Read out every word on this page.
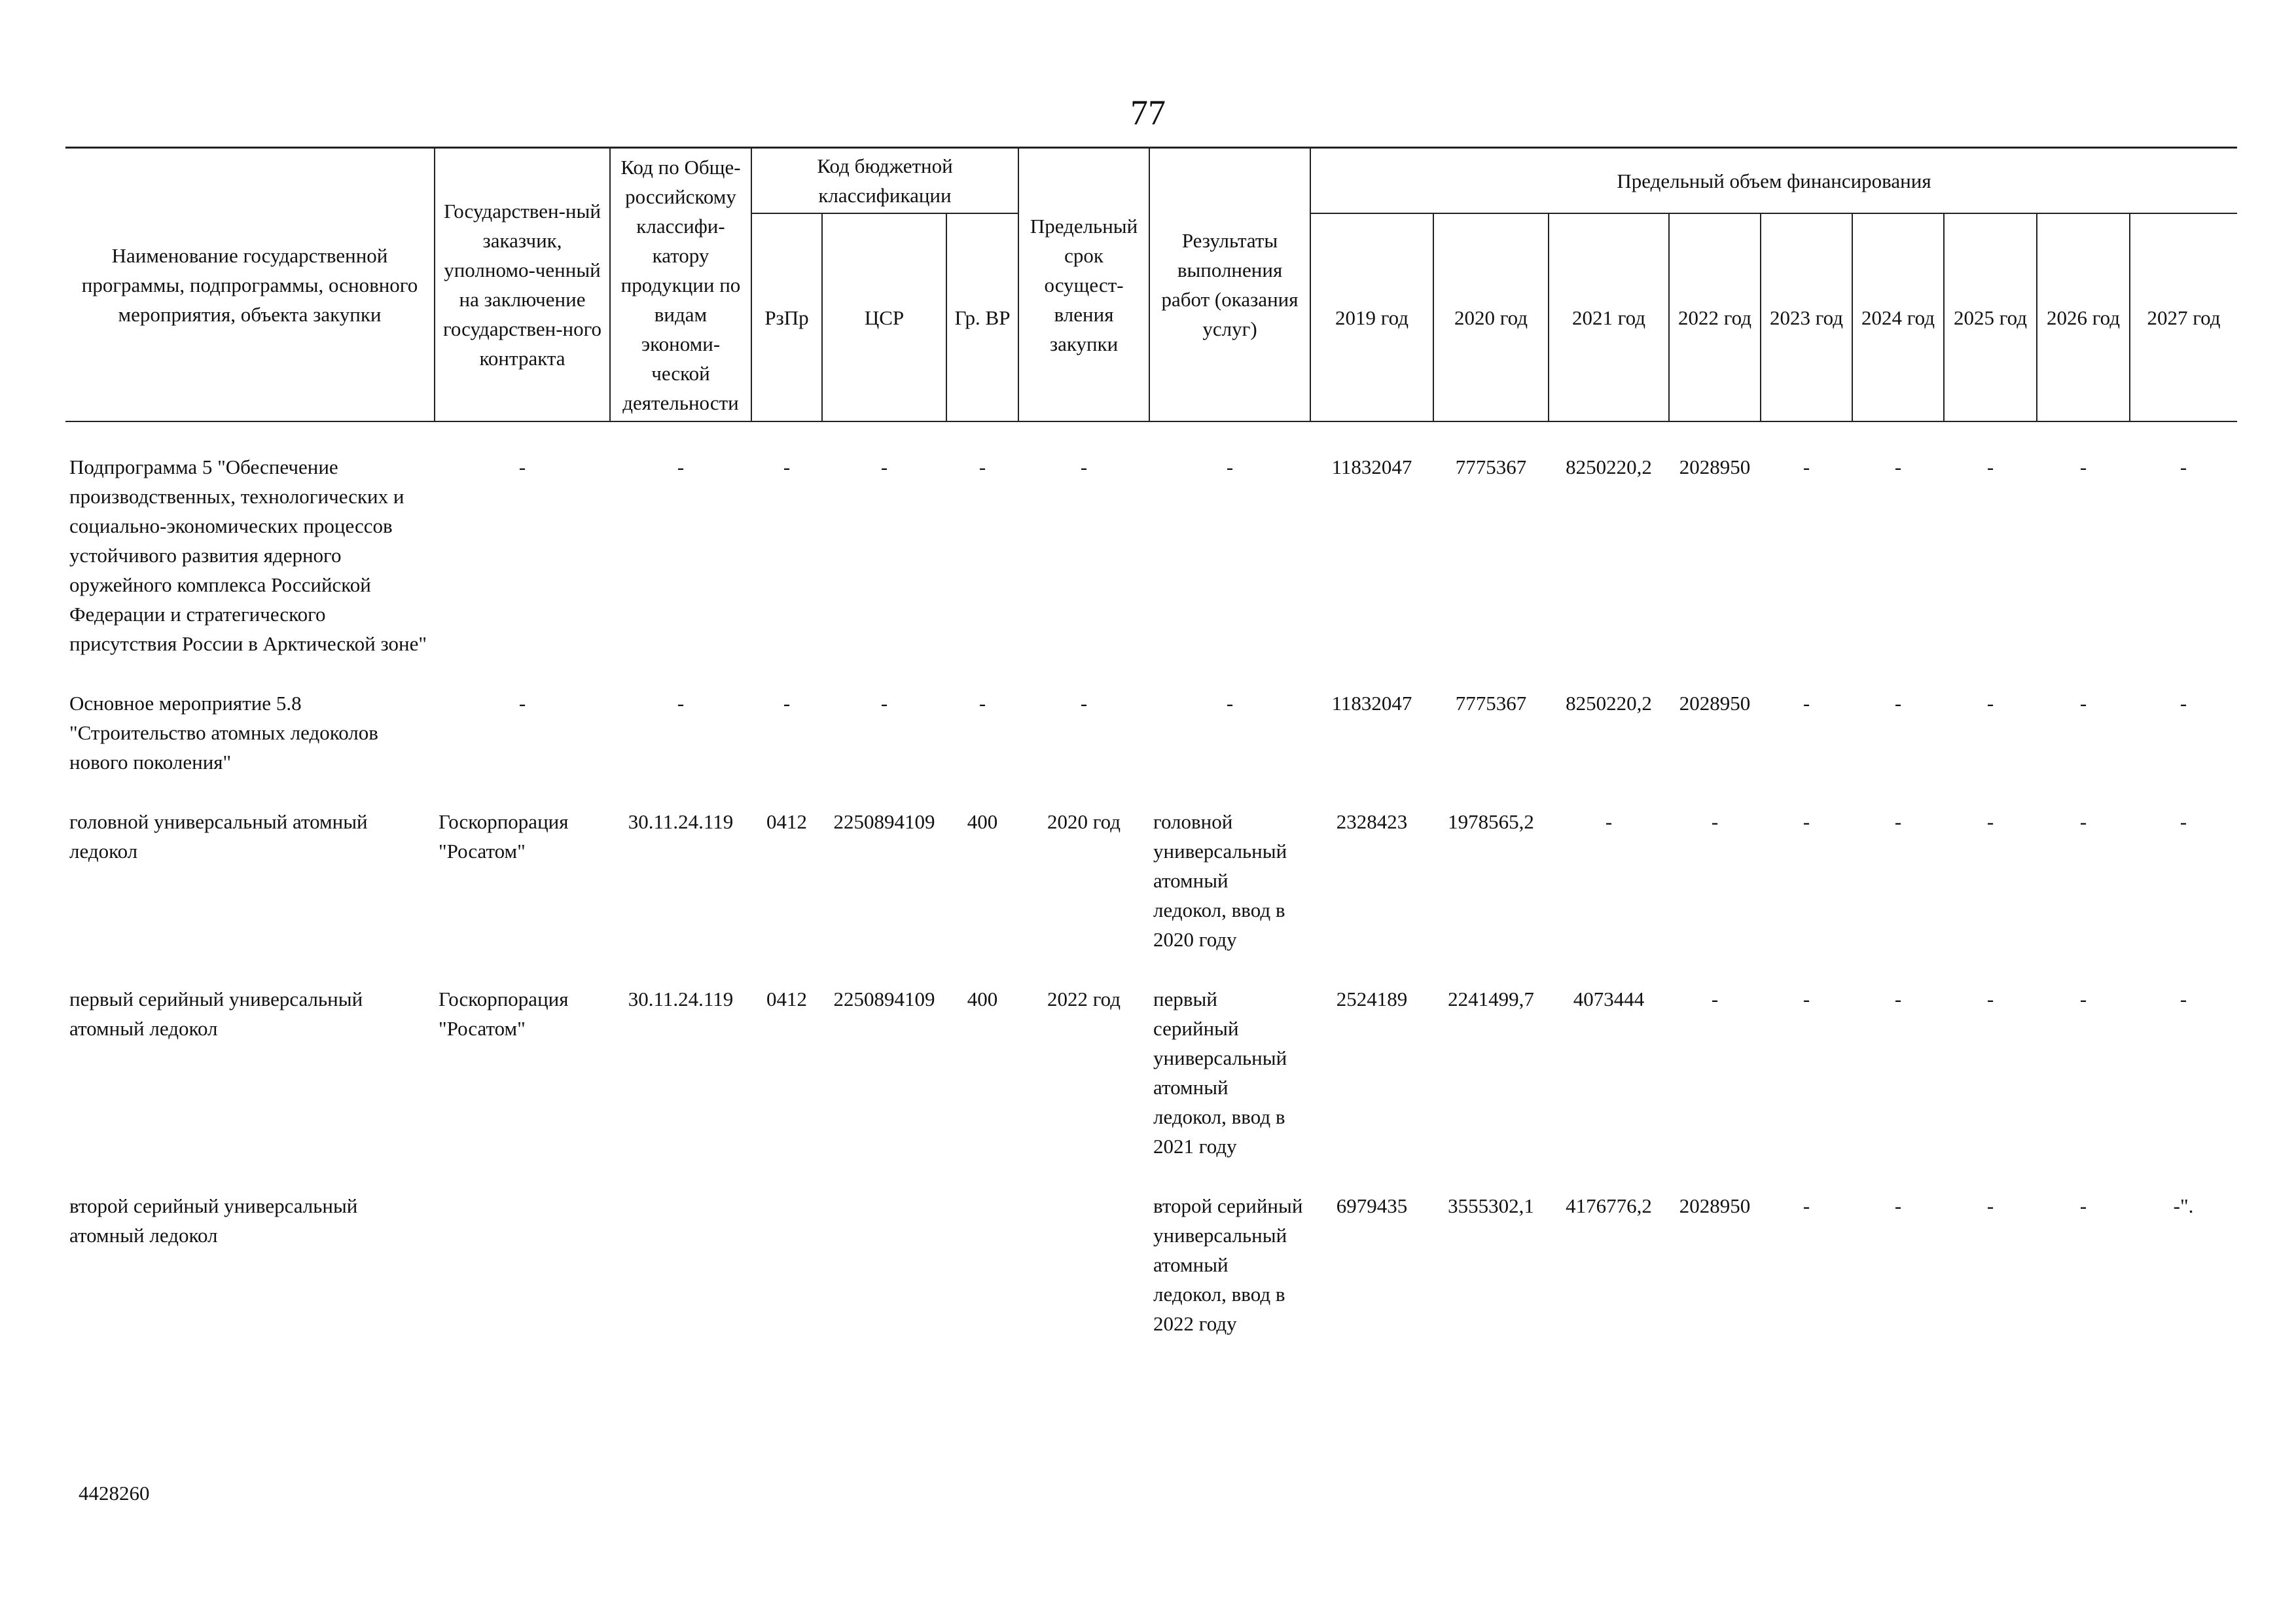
77
Наименование государственной программы, подпрограммы, основного мероприятия, объекта закупки	Государствен-ный заказчик, уполномо-ченный на заключение государствен-ного контракта	Код по Обще-российскому классифи-катору продукции по видам экономи-ческой деятельности	Код бюджетной классификации			Предельный срок осущест-вления закупки	Результаты выполнения работ (оказания услуг)	Предельный объем финансирования								
			РзПр	ЦСР	Гр. ВР			2019 год	2020 год	2021 год	2022 год	2023 год	2024 год	2025 год	2026 год	2027 год

Подпрограмма 5 "Обеспечение производственных, технологических и социально-экономических процессов устойчивого развития ядерного оружейного комплекса Российской Федерации и стратегического присутствия России в Арктической зоне"	-	-	-	-	-	-	-	11832047	7775367	8250220,2	2028950	-	-	-	-	-

Основное мероприятие 5.8 "Строительство атомных ледоколов нового поколения"	-	-	-	-	-	-	-	11832047	7775367	8250220,2	2028950	-	-	-	-	-

головной универсальный атомный ледокол	Госкорпорация "Росатом"	30.11.24.119	0412	2250894109	400	2020 год	головной универсальный атомный ледокол, ввод в 2020 году	2328423	1978565,2	-	-	-	-	-	-	-

первый серийный универсальный атомный ледокол	Госкорпорация "Росатом"	30.11.24.119	0412	2250894109	400	2022 год	первый серийный универсальный атомный ледокол, ввод в 2021 году	2524189	2241499,7	4073444	-	-	-	-	-	-

второй серийный универсальный атомный ледокол							второй серийный универсальный атомный ледокол, ввод в 2022 году	6979435	3555302,1	4176776,2	2028950	-	-	-	-	-".
4428260
